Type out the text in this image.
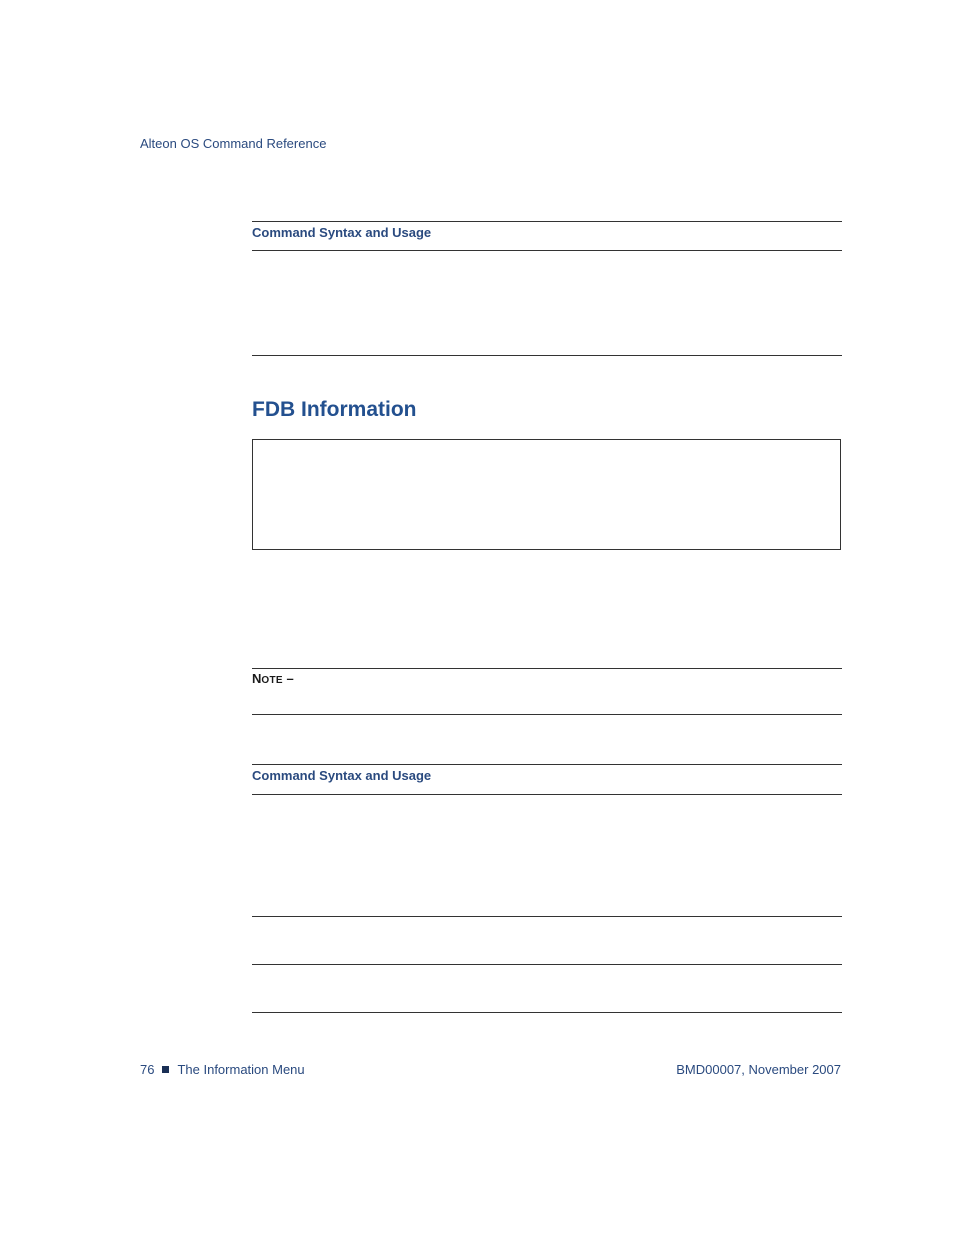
Alteon OS Command Reference
Command Syntax and Usage
FDB Information
NOTE –
Command Syntax and Usage
76 The Information Menu	BMD00007, November 2007
